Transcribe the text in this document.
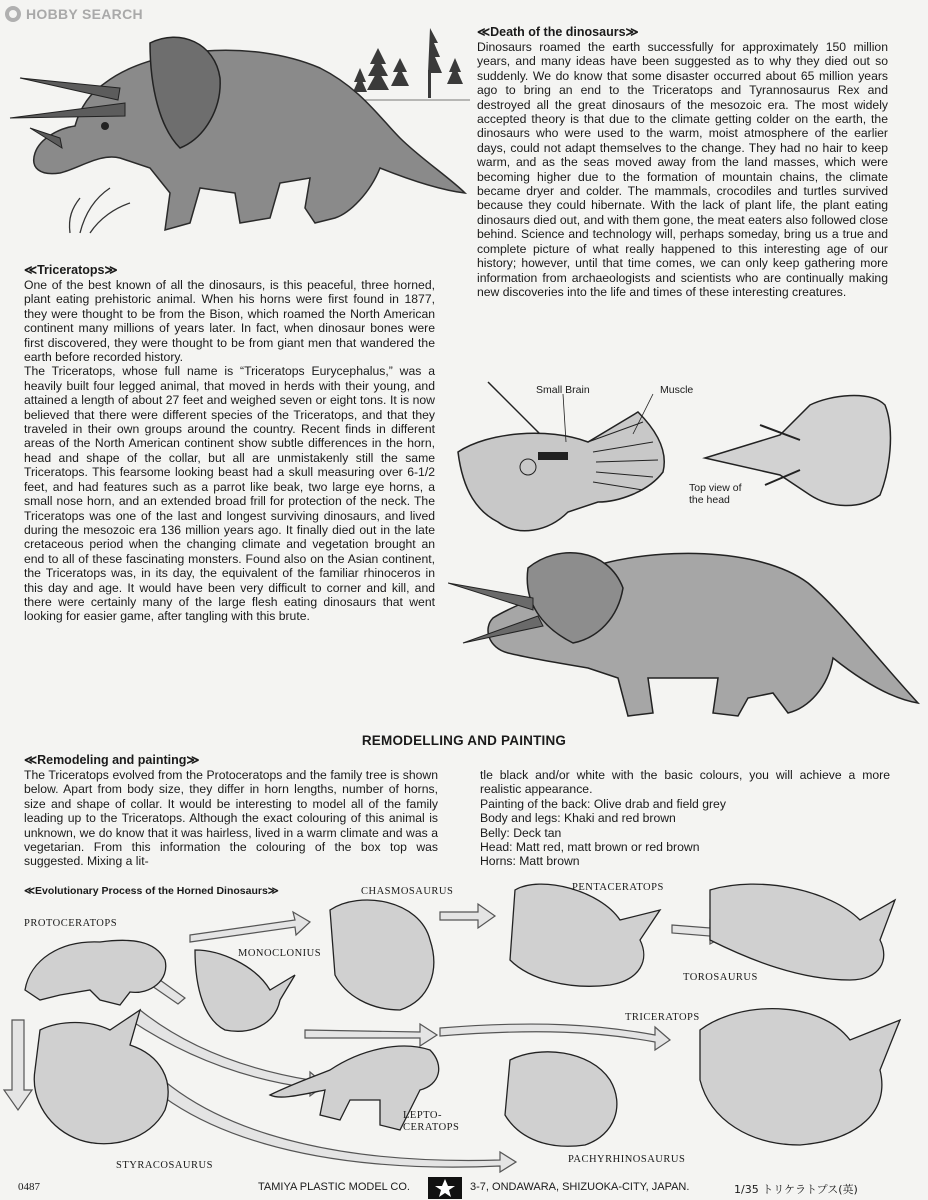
HOBBY SEARCH
≪Death of the dinosaurs≫

Dinosaurs roamed the earth successfully for approximately 150 million years, and many ideas have been suggested as to why they died out so suddenly. We do know that some disaster occurred about 65 million years ago to bring an end to the Triceratops and Tyrannosaurus Rex and destroyed all the great dinosaurs of the mesozoic era. The most widely accepted theory is that due to the climate getting colder on the earth, the dinosaurs who were used to the warm, moist atmosphere of the earlier days, could not adapt themselves to the change. They had no hair to keep warm, and as the seas moved away from the land masses, which were becoming higher due to the formation of mountain chains, the climate became dryer and colder. The mammals, crocodiles and turtles survived because they could hibernate. With the lack of plant life, the plant eating dinosaurs died out, and with them gone, the meat eaters also followed close behind. Science and technology will, perhaps someday, bring us a true and complete picture of what really happened to this interesting age of our history; however, until that time comes, we can only keep gathering more information from archaeologists and scientists who are continually making new discoveries into the life and times of these interesting creatures.

≪Triceratops≫

One of the best known of all the dinosaurs, is this peaceful, three horned, plant eating prehistoric animal. When his horns were first found in 1877, they were thought to be from the Bison, which roamed the North American continent many millions of years later. In fact, when dinosaur bones were first discovered, they were thought to be from giant men that wandered the earth before recorded history.

The Triceratops, whose full name is “Triceratops Eurycephalus,” was a heavily built four legged animal, that moved in herds with their young, and attained a length of about 27 feet and weighed seven or eight tons. It is now believed that there were different species of the Triceratops, and that they traveled in their own groups around the country. Recent finds in different areas of the North American continent show subtle differences in the horn, head and shape of the collar, but all are unmistakenly still the same Triceratops. This fearsome looking beast had a skull measuring over 6-1/2 feet, and had features such as a parrot like beak, two large eye horns, a small nose horn, and an extended broad frill for protection of the neck. The Triceratops was one of the last and longest surviving dinosaurs, and lived during the mesozoic era 136 million years ago. It finally died out in the late cretaceous period when the changing climate and vegetation brought an end to all of these fascinating monsters. Found also on the Asian continent, the Triceratops was, in its day, the equivalent of the familiar rhinoceros in this day and age. It would have been very difficult to corner and kill, and there were certainly many of the large flesh eating dinosaurs that went looking for easier game, after tangling with this brute.

Small Brain	Muscle
Top view of
the head
REMODELLING AND PAINTING
≪Remodeling and painting≫

The Triceratops evolved from the Protoceratops and the family tree is shown below. Apart from body size, they differ in horn lengths, number of horns, size and shape of collar. It would be interesting to model all of the family leading up to the Triceratops. Although the exact colouring of this animal is unknown, we do know that it was hairless, lived in a warm climate and was a vegetarian. From this information the colouring of the box top was suggested. Mixing a lit-

tle black and/or white with the basic colours, you will achieve a more realistic appearance.

Painting of the back: Olive drab and field grey

Body and legs: Khaki and red brown

Belly: Deck tan

Head: Matt red, matt brown or red brown

Horns: Matt brown

≪Evolutionary Process of the Horned Dinosaurs≫
PROTOCERATOPS
MONOCLONIUS
CHASMOSAURUS	PENTACERATOPS
TOROSAURUS
TRICERATOPS
LEPTO-
CERATOPS
PACHYRHINOSAURUS
STYRACOSAURUS
0487	TAMIYA PLASTIC MODEL CO.	3-7, ONDAWARA, SHIZUOKA-CITY, JAPAN.	1/35 トリケラトプス(英)
